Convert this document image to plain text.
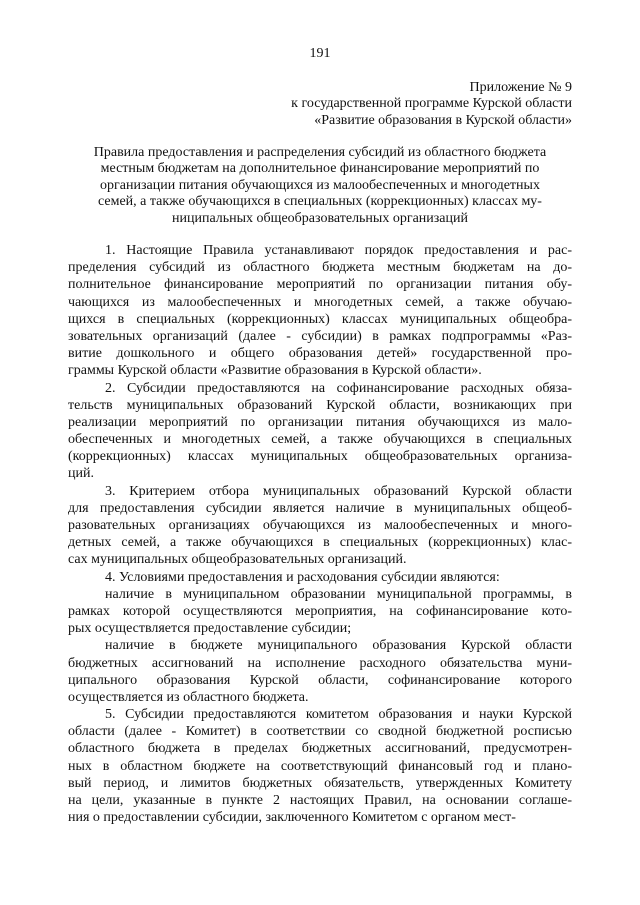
191
Приложение № 9
к государственной программе Курской области
«Развитие образования в Курской области»
Правила предоставления и распределения субсидий из областного бюджета
местным бюджетам на дополнительное финансирование мероприятий по
организации питания обучающихся из малообеспеченных и многодетных
семей, а также обучающихся в специальных (коррекционных) классах му-
ниципальных общеобразовательных организаций
1. Настоящие Правила устанавливают порядок предоставления и рас-
пределения субсидий из областного бюджета местным бюджетам на до-
полнительное финансирование мероприятий по организации питания обу-
чающихся из малообеспеченных и многодетных семей, а также обучаю-
щихся в специальных (коррекционных) классах муниципальных общеобра-
зовательных организаций (далее - субсидии) в рамках подпрограммы «Раз-
витие дошкольного и общего образования детей» государственной про-
граммы Курской области «Развитие образования в Курской области».
2. Субсидии предоставляются на софинансирование расходных обяза-
тельств муниципальных образований Курской области, возникающих при
реализации мероприятий по организации питания обучающихся из мало-
обеспеченных и многодетных семей, а также обучающихся в специальных
(коррекционных) классах муниципальных общеобразовательных организа-
ций.
3. Критерием отбора муниципальных образований Курской области
для предоставления субсидии является наличие в муниципальных общеоб-
разовательных организациях обучающихся из малообеспеченных и много-
детных семей, а также обучающихся в специальных (коррекционных) клас-
сах муниципальных общеобразовательных организаций.
4. Условиями предоставления и расходования субсидии являются:
наличие в муниципальном образовании муниципальной программы, в
рамках которой осуществляются мероприятия, на софинансирование кото-
рых осуществляется предоставление субсидии;
наличие в бюджете муниципального образования Курской области
бюджетных ассигнований на исполнение расходного обязательства муни-
ципального образования Курской области, софинансирование которого
осуществляется из областного бюджета.
5. Субсидии предоставляются комитетом образования и науки Курской
области (далее - Комитет) в соответствии со сводной бюджетной росписью
областного бюджета в пределах бюджетных ассигнований, предусмотрен-
ных в областном бюджете на соответствующий финансовый год и плано-
вый период, и лимитов бюджетных обязательств, утвержденных Комитету
на цели, указанные в пункте 2 настоящих Правил, на основании соглаше-
ния о предоставлении субсидии, заключенного Комитетом с органом мест-
